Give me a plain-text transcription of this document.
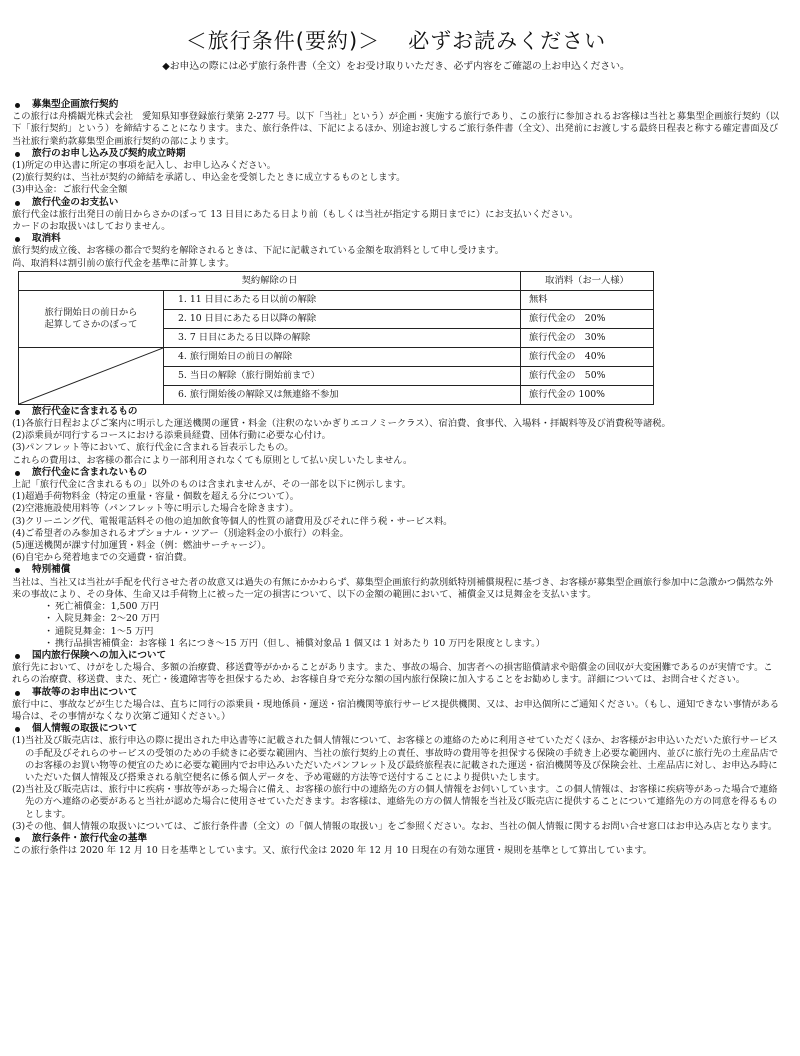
＜旅行条件(要約)＞ 必ずお読みください
◆お申込の際には必ず旅行条件書（全文）をお受け取りいただき、必ず内容をご確認の上お申込ください。
募集型企画旅行契約

この旅行は舟橋観光株式会社　愛知県知事登録旅行業第 2-277 号。以下「当社」という）が企画・実施する旅行であり、この旅行に参加されるお客様は当社と募集型企画旅行契約（以下「旅行契約」という）を締結することになります。また、旅行条件は、下記によるほか、別途お渡しするご旅行条件書（全文）、出発前にお渡しする最終日程表と称する確定書面及び当社旅行業約款募集型企画旅行契約の部によります。

旅行のお申し込み及び契約成立時期
(1) 所定の申込書に所定の事項を記入し、お申し込みください。
(2) 旅行契約は、当社が契約の締結を承諾し、申込金を受領したときに成立するものとします。
(3) 申込金：ご旅行代金全額
旅行代金のお支払い

旅行代金は旅行出発日の前日からさかのぼって 13 日目にあたる日より前（もしくは当社が指定する期日までに）にお支払いください。

カードのお取扱いはしておりません。

取消料

旅行契約成立後、お客様の都合で契約を解除されるときは、下記に記載されている金額を取消料として申し受けます。

尚、取消料は割引前の旅行代金を基準に計算します。

契約解除の日		取消料（お一人様）
旅行開始日の前日から
起算してさかのぼって	1. 11 日目にあたる日以前の解除	無料
	2. 10 日目にあたる日以降の解除	旅行代金の　20%
	3. 7 日目にあたる日以降の解除	旅行代金の　30%

	4. 旅行開始日の前日の解除	旅行代金の　40%
	5. 当日の解除（旅行開始前まで）	旅行代金の　50%
	6. 旅行開始後の解除又は無連絡不参加	旅行代金の 100%
旅行代金に含まれるもの
(1) 各旅行日程およびご案内に明示した運送機関の運賃・料金（注釈のないかぎりエコノミークラス）、宿泊費、食事代、入場料・拝観料等及び消費税等諸税。
(2) 添乗員が同行するコースにおける添乗員経費、団体行動に必要な心付け。
(3) パンフレット等において、旅行代金に含まれる旨表示したもの。

これらの費用は、お客様の都合により一部利用されなくても原則として払い戻しいたしません。

旅行代金に含まれないもの

上記「旅行代金に含まれるもの」以外のものは含まれませんが、その一部を以下に例示します。

(1) 超過手荷物料金（特定の重量・容量・個数を超える分について）。
(2) 空港施設使用料等（パンフレット等に明示した場合を除きます）。
(3) クリーニング代、電報電話料その他の追加飲食等個人的性質の諸費用及びそれに伴う税・サービス料。
(4) ご希望者のみ参加されるオプショナル・ツアー（別途料金の小旅行）の料金。
(5) 運送機関が課す付加運賃・料金（例：燃油サーチャージ）。
(6) 自宅から発着地までの交通費・宿泊費。
特別補償

当社は、当社又は当社が手配を代行させた者の故意又は過失の有無にかかわらず、募集型企画旅行約款別紙特別補償規程に基づき、お客様が募集型企画旅行参加中に急激かつ偶然な外来の事故により、その身体、生命又は手荷物上に被った一定の損害について、以下の金額の範囲において、補償金又は見舞金を支払います。

・ 死亡補償金：1,500 万円
・ 入院見舞金：2～20 万円
・ 通院見舞金：1～5 万円
・ 携行品損害補償金：お客様 1 名につき～15 万円（但し、補償対象品 1 個又は 1 対あたり 10 万円を限度とします。）
国内旅行保険への加入について

旅行先において、けがをした場合、多額の治療費、移送費等がかかることがあります。また、事故の場合、加害者への損害賠償請求や賠償金の回収が大変困難であるのが実情です。これらの治療費、移送費、また、死亡・後遺障害等を担保するため、お客様自身で充分な額の国内旅行保険に加入することをお勧めします。詳細については、お問合せください。

事故等のお申出について

旅行中に、事故などが生じた場合は、直ちに同行の添乗員・現地係員・運送・宿泊機関等旅行サービス提供機関、又は、お申込個所にご通知ください。（もし、通知できない事情がある場合は、その事情がなくなり次第ご通知ください。）

個人情報の取扱について
(1) 当社及び販売店は、旅行申込の際に提出された申込書等に記載された個人情報について、お客様との連絡のために利用させていただくほか、お客様がお申込いただいた旅行サービスの手配及びそれらのサービスの受領のための手続きに必要な範囲内、当社の旅行契約上の責任、事故時の費用等を担保する保険の手続き上必要な範囲内、並びに旅行先の土産品店でのお客様のお買い物等の便宜のために必要な範囲内でお申込みいただいたパンフレット及び最終旅程表に記載された運送・宿泊機関等及び保険会社、土産品店に対し、お申込み時にいただいた個人情報及び搭乗される航空便名に係る個人データを、予め電磁的方法等で送付することにより提供いたします。
(2) 当社及び販売店は、旅行中に疾病・事故等があった場合に備え、お客様の旅行中の連絡先の方の個人情報をお伺いしています。この個人情報は、お客様に疾病等があった場合で連絡先の方へ連絡の必要があると当社が認めた場合に使用させていただきます。お客様は、連絡先の方の個人情報を当社及び販売店に提供することについて連絡先の方の同意を得るものとします。
(3) その他、個人情報の取扱いについては、ご旅行条件書（全文）の「個人情報の取扱い」をご参照ください。なお、当社の個人情報に関するお問い合せ窓口はお申込み店となります。
旅行条件・旅行代金の基準

この旅行条件は 2020 年 12 月 10 日を基準としています。又、旅行代金は 2020 年 12 月 10 日現在の有効な運賃・規則を基準として算出しています。
